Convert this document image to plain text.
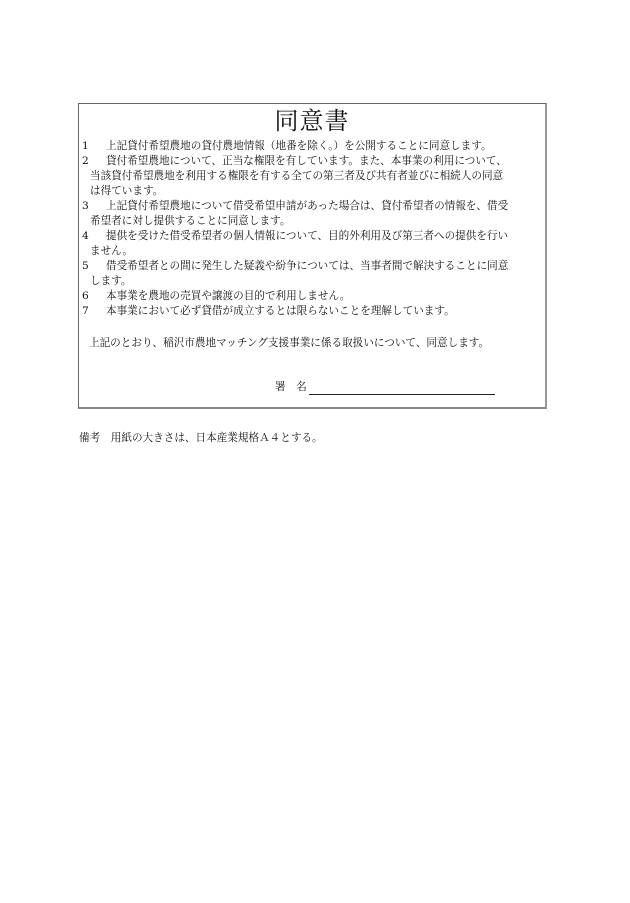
同意書
1 上記貸付希望農地の貸付農地情報（地番を除く。）を公開することに同意します。
2 貸付希望農地について、正当な権限を有しています。また、本事業の利用について、
当該貸付希望農地を利用する権限を有する全ての第三者及び共有者並びに相続人の同意
は得ています。
3 上記貸付希望農地について借受希望申請があった場合は、貸付希望者の情報を、借受
希望者に対し提供することに同意します。
4 提供を受けた借受希望者の個人情報について、目的外利用及び第三者への提供を行い
ません。
5 借受希望者との間に発生した疑義や紛争については、当事者間で解決することに同意
します。
6 本事業を農地の売買や譲渡の目的で利用しません。
7 本事業において必ず貸借が成立するとは限らないことを理解しています。
上記のとおり、稲沢市農地マッチング支援事業に係る取扱いについて、同意します。
署　名
備考　用紙の大きさは、日本産業規格Ａ４とする。
